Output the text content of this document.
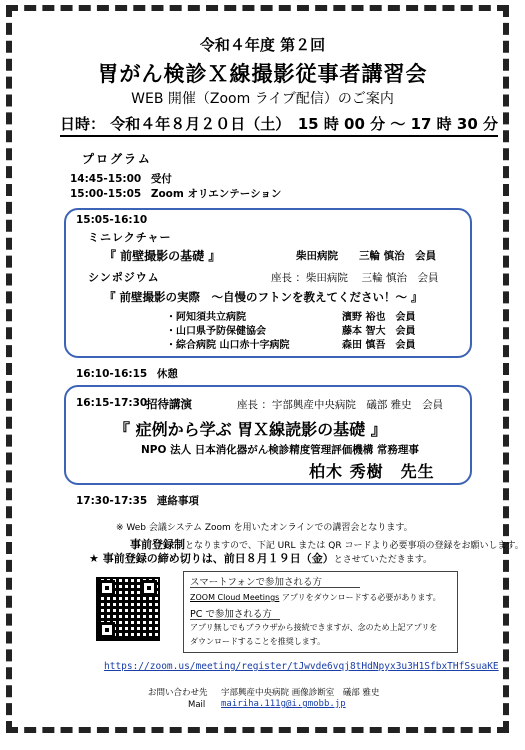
令和４年度 第２回
胃がん検診Ｘ線撮影従事者講習会
WEB 開催（Zoom ライブ配信）のご案内
日時： 令和４年８月２０日（土）　15 時 00 分 〜 17 時 30 分
プログラム
14:45-15:00 受付
15:00-15:05 Zoom オリエンテーション
15:05-16:10
ミニレクチャー
『 前壁撮影の基礎 』	柴田病院　　三輪 慎治　会員
シンポジウム	座長 ：柴田病院　 三輪 慎治　会員
『 前壁撮影の実際　～自慢のフトンを教えてください！～ 』
・阿知須共立病院	濱野 裕也　会員
・山口県予防保健協会	藤本 智大　会員
・綜合病院 山口赤十字病院	森田 慎吾　会員
16:10-16:15 休憩
16:15-17:30
招待講演	座長 ：宇部興産中央病院　礒部 雅史　会員
『 症例から学ぶ 胃Ｘ線読影の基礎 』
NPO 法人 日本消化器がん検診精度管理評価機構 常務理事
柏木 秀樹　先生
17:30-17:35 連絡事項
※ Web 会議システム Zoom を用いたオンラインでの講習会となります。
事前登録制となりますので、下記 URL または QR コードより必要事項の登録をお願いします。
★ 事前登録の締め切りは、前日８月１９日（金）とさせていただきます。
スマートフォンで参加される方
ZOOM Cloud Meetings アプリをダウンロードする必要があります。
PC で参加される方
アプリ無しでもブラウザから接続できますが、念のため上記アプリを
ダウンロードすることを推奨します。
https://zoom.us/meeting/register/tJwvde6vqj8tHdNpyx3u3H1SfbxTHfSsuaKE
お問い合わせ先 宇部興産中央病院 画像診断室　礒部 雅史
Mail mairiha.111g@i.gmobb.jp
